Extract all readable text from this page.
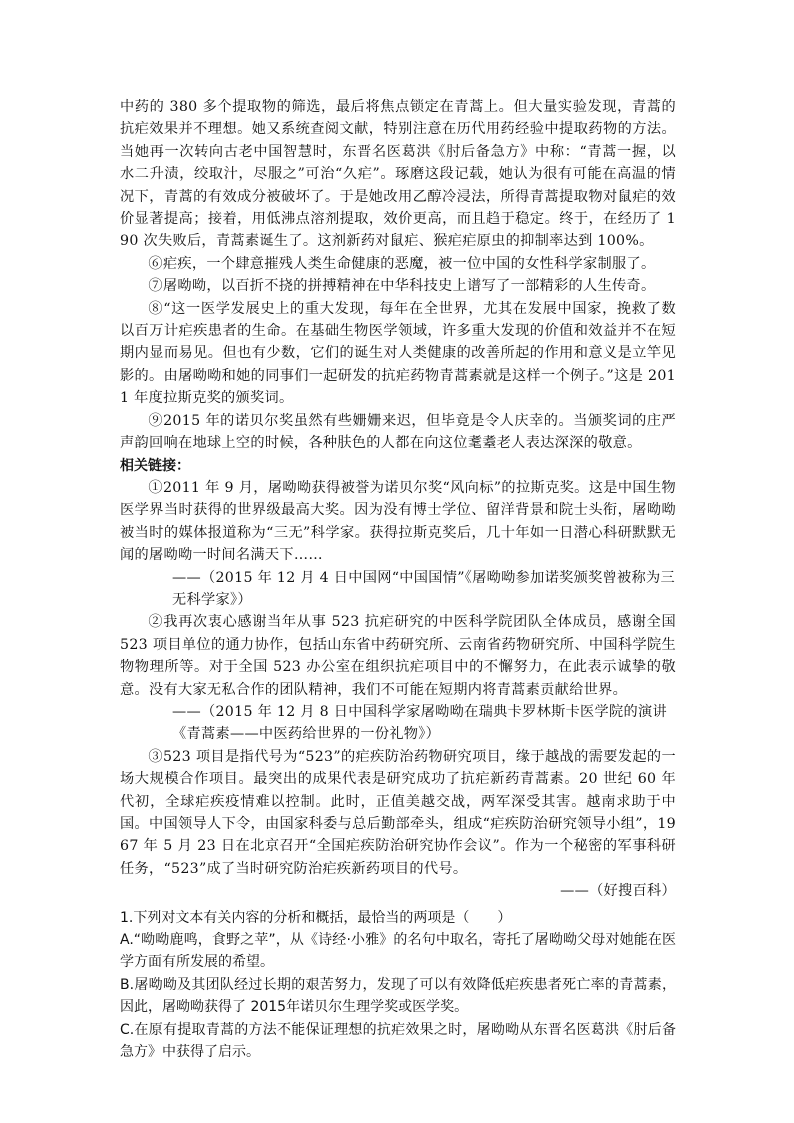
中药的 380 多个提取物的筛选，最后将焦点锁定在青蒿上。但大量实验发现，青蒿的抗疟效果并不理想。她又系统查阅文献，特别注意在历代用药经验中提取药物的方法。当她再一次转向古老中国智慧时，东晋名医葛洪《肘后备急方》中称：“青蒿一握，以水二升渍，绞取汁，尽服之”可治“久疟”。琢磨这段记载，她认为很有可能在高温的情况下，青蒿的有效成分被破坏了。于是她改用乙醇冷浸法，所得青蒿提取物对鼠疟的效价显著提高；接着，用低沸点溶剂提取，效价更高，而且趋于稳定。终于，在经历了 190 次失败后，青蒿素诞生了。这剂新药对鼠疟、猴疟疟原虫的抑制率达到 100%。

⑥疟疾，一个肆意摧残人类生命健康的恶魔，被一位中国的女性科学家制服了。

⑦屠呦呦，以百折不挠的拼搏精神在中华科技史上谱写了一部精彩的人生传奇。

⑧“这一医学发展史上的重大发现，每年在全世界，尤其在发展中国家，挽救了数以百万计疟疾患者的生命。在基础生物医学领域，许多重大发现的价值和效益并不在短期内显而易见。但也有少数，它们的诞生对人类健康的改善所起的作用和意义是立竿见影的。由屠呦呦和她的同事们一起研发的抗疟药物青蒿素就是这样一个例子。”这是 2011 年度拉斯克奖的颁奖词。

⑨2015 年的诺贝尔奖虽然有些姗姗来迟，但毕竟是令人庆幸的。当颁奖词的庄严声韵回响在地球上空的时候，各种肤色的人都在向这位耄耋老人表达深深的敬意。

相关链接：

①2011 年 9 月，屠呦呦获得被誉为诺贝尔奖“风向标”的拉斯克奖。这是中国生物医学界当时获得的世界级最高大奖。因为没有博士学位、留洋背景和院士头衔，屠呦呦被当时的媒体报道称为“三无”科学家。获得拉斯克奖后，几十年如一日潜心科研默默无闻的屠呦呦一时间名满天下……

——（2015 年 12 月 4 日中国网“中国国情”《屠呦呦参加诺奖颁奖曾被称为三无科学家》）

②我再次衷心感谢当年从事 523 抗疟研究的中医科学院团队全体成员，感谢全国 523 项目单位的通力协作，包括山东省中药研究所、云南省药物研究所、中国科学院生物物理所等。对于全国 523 办公室在组织抗疟项目中的不懈努力，在此表示诚挚的敬意。没有大家无私合作的团队精神，我们不可能在短期内将青蒿素贡献给世界。

——（2015 年 12 月 8 日中国科学家屠呦呦在瑞典卡罗林斯卡医学院的演讲《青蒿素——中医药给世界的一份礼物》）

③523 项目是指代号为“523”的疟疾防治药物研究项目，缘于越战的需要发起的一场大规模合作项目。最突出的成果代表是研究成功了抗疟新药青蒿素。20 世纪 60 年代初，全球疟疾疫情难以控制。此时，正值美越交战，两军深受其害。越南求助于中国。中国领导人下令，由国家科委与总后勤部牵头，组成“疟疾防治研究领导小组”，1967 年 5 月 23 日在北京召开“全国疟疾防治研究协作会议”。作为一个秘密的军事科研任务，“523”成了当时研究防治疟疾新药项目的代号。

——（好搜百科）

1.下列对文本有关内容的分析和概括，最恰当的两项是（　　）

A.“呦呦鹿鸣，食野之苹”，从《诗经·小雅》的名句中取名，寄托了屠呦呦父母对她能在医学方面有所发展的希望。

B.屠呦呦及其团队经过长期的艰苦努力，发现了可以有效降低疟疾患者死亡率的青蒿素，因此，屠呦呦获得了 2015年诺贝尔生理学奖或医学奖。

C.在原有提取青蒿的方法不能保证理想的抗疟效果之时，屠呦呦从东晋名医葛洪《肘后备急方》中获得了启示。
